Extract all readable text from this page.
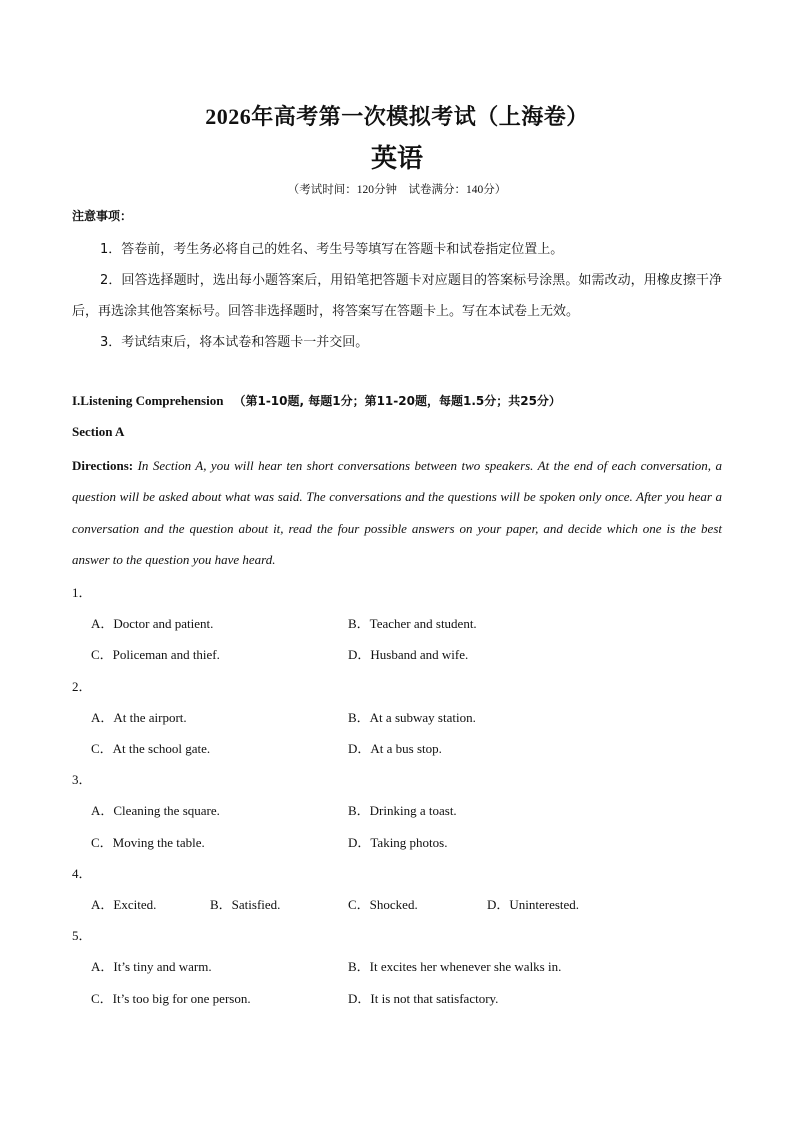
2026年高考第一次模拟考试（上海卷）
英语
（考试时间：120分钟　试卷满分：140分）
注意事项：
1．答卷前，考生务必将自己的姓名、考生号等填写在答题卡和试卷指定位置上。
2．回答选择题时，选出每小题答案后，用铅笔把答题卡对应题目的答案标号涂黑。如需改动，用橡皮擦干净后，再选涂其他答案标号。回答非选择题时，将答案写在答题卡上。写在本试卷上无效。
3．考试结束后，将本试卷和答题卡一并交回。
I.Listening Comprehension （第1-10题, 每题1分；第11-20题，每题1.5分；共25分）
Section A
Directions: In Section A, you will hear ten short conversations between two speakers. At the end of each conversation, a question will be asked about what was said. The conversations and the questions will be spoken only once. After you hear a conversation and the question about it, read the four possible answers on your paper, and decide which one is the best answer to the question you have heard.
1．
A．Doctor and patient.	B．Teacher and student.
C．Policeman and thief.	D．Husband and wife.
2．
A．At the airport.	B．At a subway station.
C．At the school gate.	D．At a bus stop.
3．
A．Cleaning the square.	B．Drinking a toast.
C．Moving the table.	D．Taking photos.
4．
A．Excited.	B．Satisfied.	C．Shocked.	D．Uninterested.
5．
A．It’s tiny and warm.	B．It excites her whenever she walks in.
C．It’s too big for one person.	D．It is not that satisfactory.
